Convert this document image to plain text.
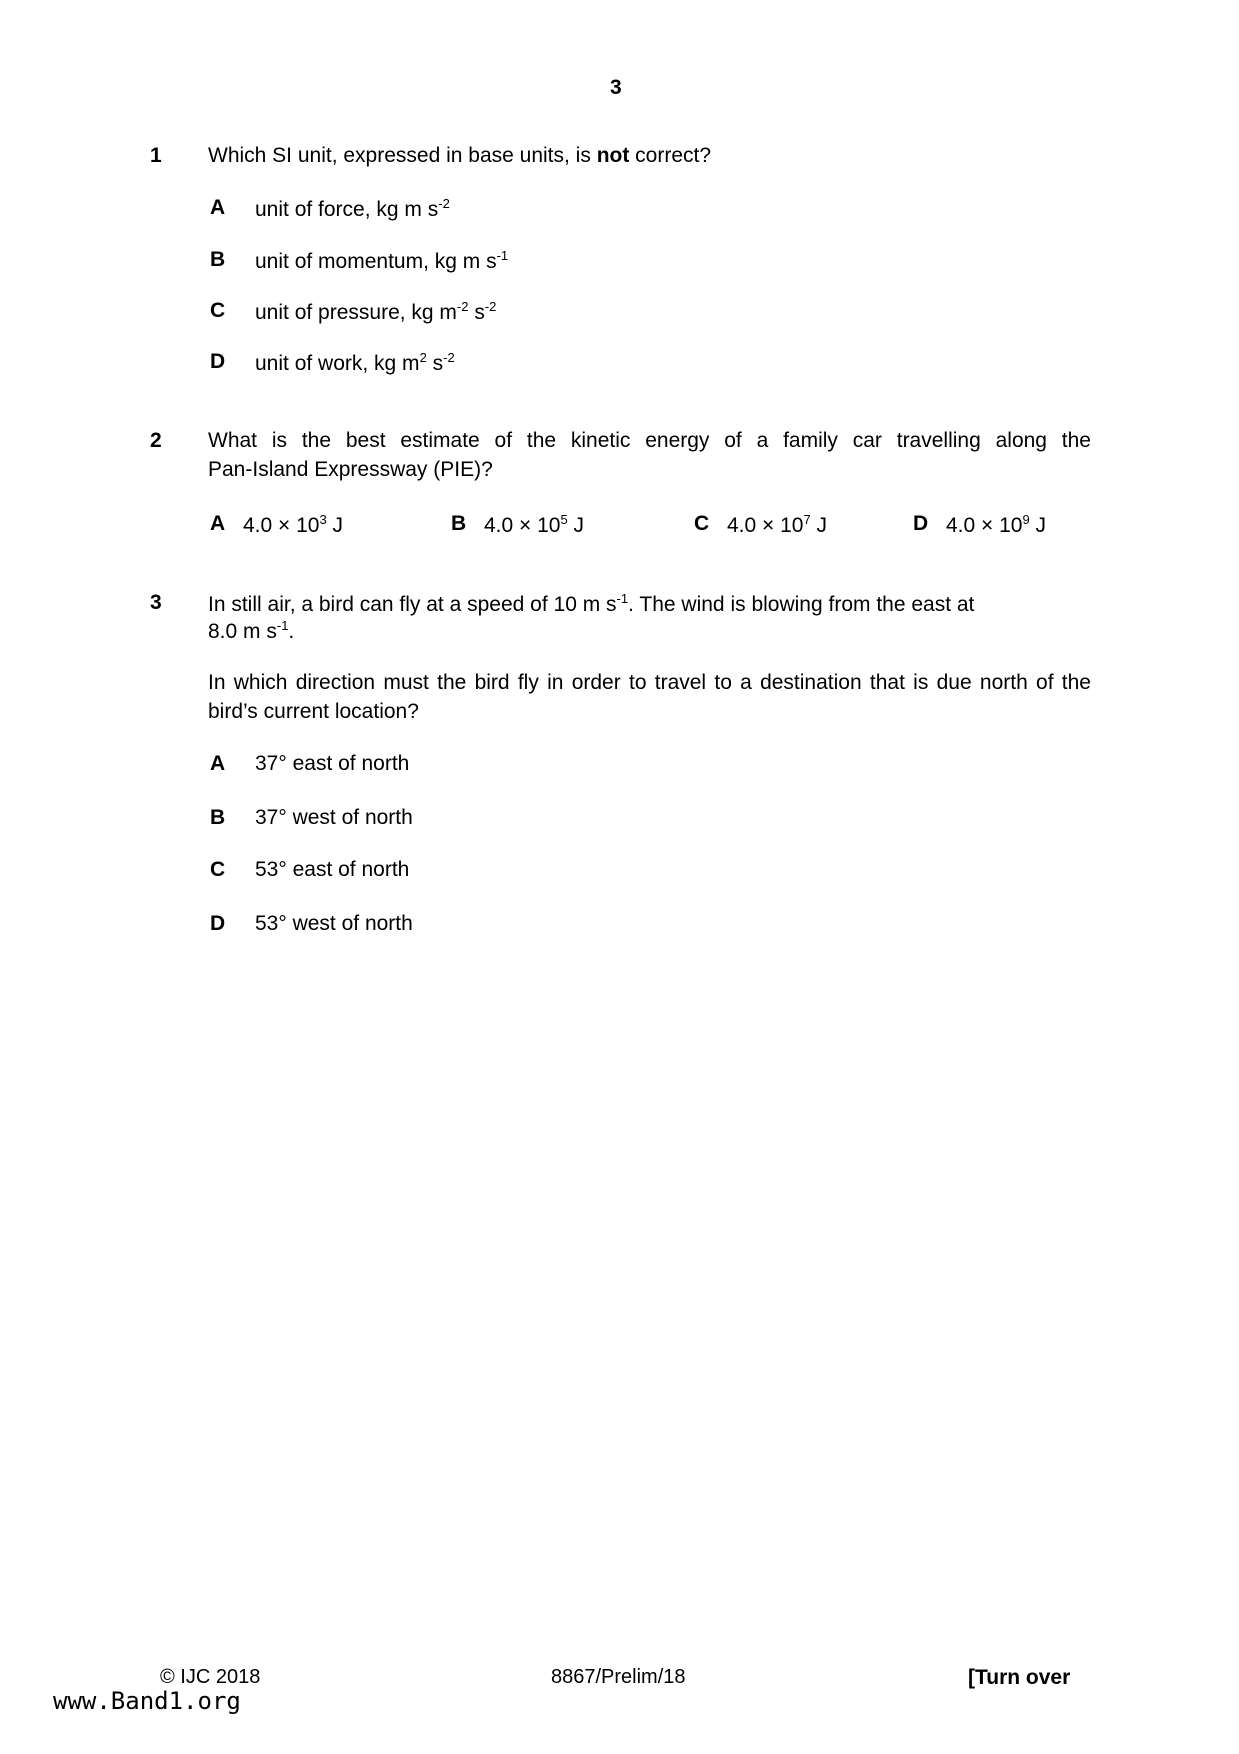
3
1 Which SI unit, expressed in base units, is not correct?
A unit of force, kg m $s^{-2}$
B unit of momentum, kg m $s^{-1}$
C unit of pressure, kg $m^{-2}$ $s^{-2}$
D unit of work, kg $m^2$ $s^{-2}$
2 What is the best estimate of the kinetic energy of a family car travelling along the
Pan-Island Expressway (PIE)?
A $4.0 \times 10^3$ J	B $4.0 \times 10^5$ J	C $4.0 \times 10^7$ J	D $4.0 \times 10^9$ J
3 In still air, a bird can fly at a speed of 10 m $s^{-1}$. The wind is blowing from the east at
8.0 m $s^{-1}$.
In which direction must the bird fly in order to travel to a destination that is due north of the bird’s current location?
A 37° east of north
B 37° west of north
C 53° east of north
D 53° west of north
© IJC 2018	8867/Prelim/18	[Turn over
www.Band1.org
